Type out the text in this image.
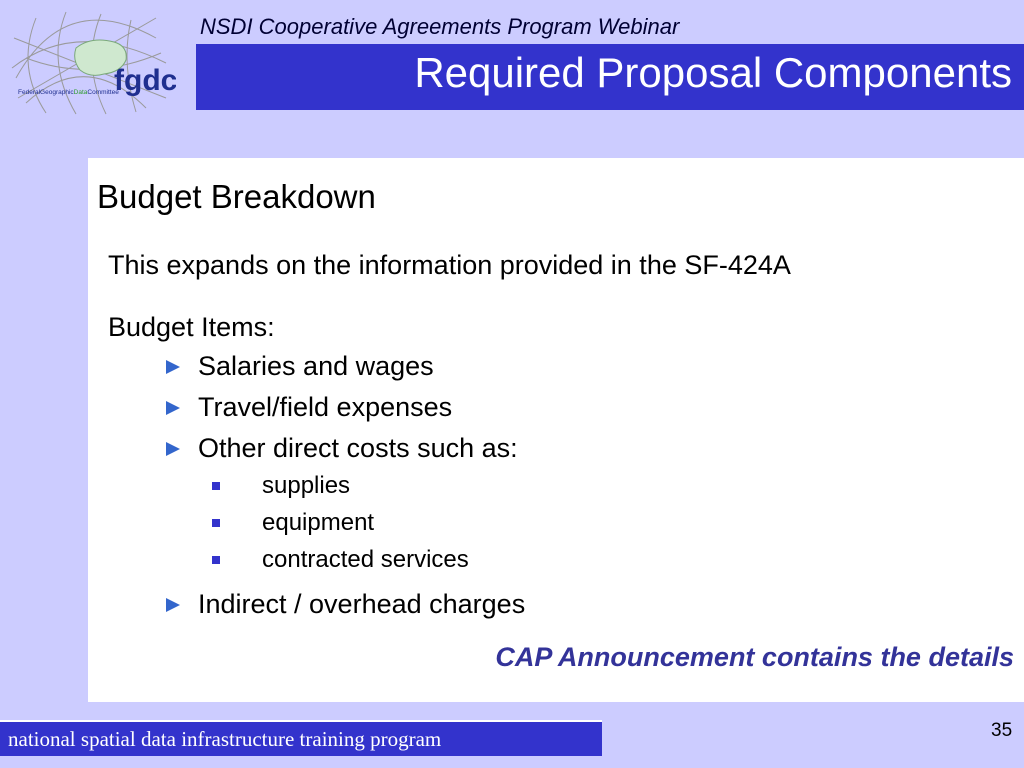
fgdc
FederalGeographicDataCommittee
NSDI Cooperative Agreements Program Webinar
Required Proposal Components
Budget Breakdown
This expands on the information provided in the SF-424A
Budget Items:
Salaries and wages
Travel/field expenses
Other direct costs such as:
supplies
equipment
contracted services
Indirect / overhead charges
CAP Announcement contains the details
national spatial data infrastructure training program	35
